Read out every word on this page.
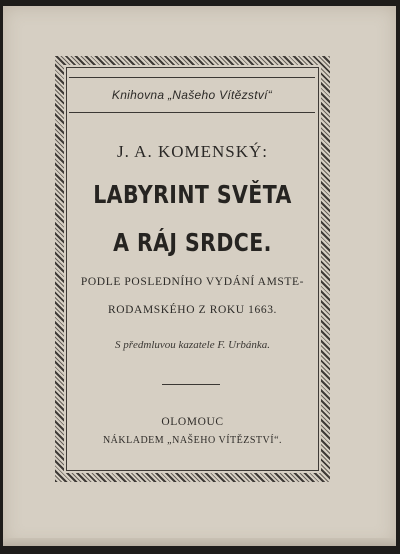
Knihovna „Našeho Vítězství“
J. A. KOMENSKÝ:
LABYRINT SVĚTA
A RÁJ SRDCE.
PODLE POSLEDNÍHO VYDÁNÍ AMSTE-
RODAMSKÉHO Z ROKU 1663.
S předmluvou kazatele F. Urbánka.
OLOMOUC
NÁKLADEM „NAŠEHO VÍTĚZSTVÍ“.
